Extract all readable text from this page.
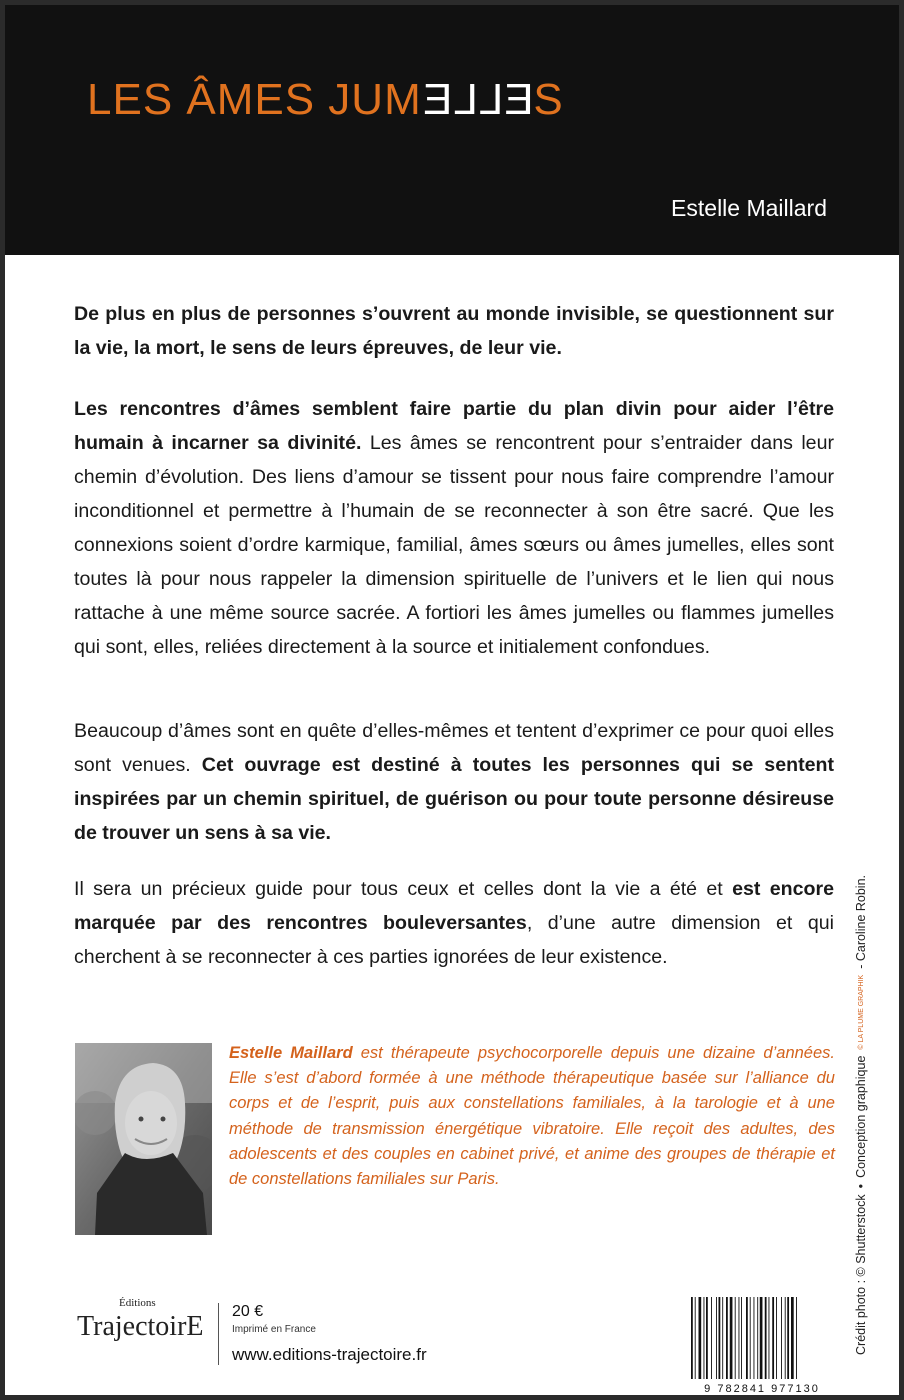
LES ÂMES JUMELLES
Estelle Maillard

De plus en plus de personnes s’ouvrent au monde invisible, se questionnent sur la vie, la mort, le sens de leurs épreuves, de leur vie.

Les rencontres d’âmes semblent faire partie du plan divin pour aider l’être humain à incarner sa divinité. Les âmes se rencontrent pour s’entraider dans leur chemin d’évolution. Des liens d’amour se tissent pour nous faire comprendre l’amour inconditionnel et permettre à l’humain de se reconnecter à son être sacré. Que les connexions soient d’ordre karmique, familial, âmes sœurs ou âmes jumelles, elles sont toutes là pour nous rappeler la dimension spirituelle de l’univers et le lien qui nous rattache à une même source sacrée. A fortiori les âmes jumelles ou flammes jumelles qui sont, elles, reliées directement à la source et initialement confondues.

Beaucoup d’âmes sont en quête d’elles-mêmes et tentent d’exprimer ce pour quoi elles sont venues. Cet ouvrage est destiné à toutes les personnes qui se sentent inspirées par un chemin spirituel, de guérison ou pour toute personne désireuse de trouver un sens à sa vie.

Il sera un précieux guide pour tous ceux et celles dont la vie a été et est encore marquée par des rencontres bouleversantes, d’une autre dimension et qui cherchent à se reconnecter à ces parties ignorées de leur existence.

Estelle Maillard est thérapeute psychocorporelle depuis une dizaine d’années. Elle s’est d’abord formée à une méthode thérapeutique basée sur l’alliance du corps et de l’esprit, puis aux constellations familiales, à la tarologie et à une méthode de transmission énergétique vibratoire. Elle reçoit des adultes, des adolescents et des couples en cabinet privé, et anime des groupes de thérapie et de constellations familiales sur Paris.

Éditions
TrajectoirE 20 €
Imprimé en France
www.editions-trajectoire.fr
9 782841 977130
Crédit photo : © Shutterstock
•
Conception graphique
© LA PLUME GRAPHIK
- Caroline Robin.
